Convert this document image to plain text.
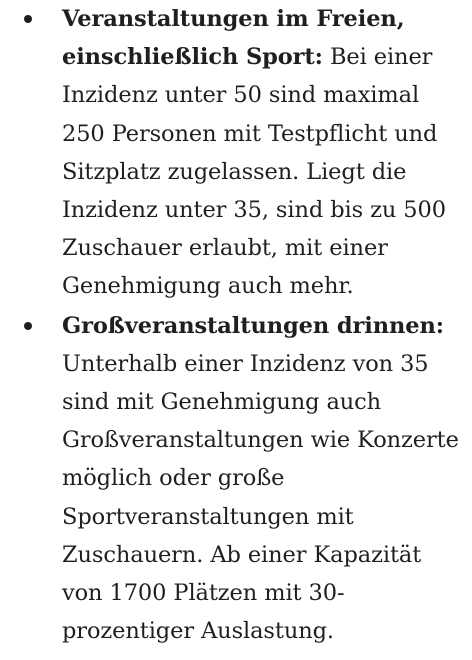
Veranstaltungen im Freien, einschließlich Sport: Bei einer Inzidenz unter 50 sind maximal 250 Personen mit Testpflicht und Sitzplatz zugelassen. Liegt die Inzidenz unter 35, sind bis zu 500 Zuschauer erlaubt, mit einer Genehmigung auch mehr.
Großveranstaltungen drinnen: Unterhalb einer Inzidenz von 35 sind mit Genehmigung auch Großveranstaltungen wie Konzerte möglich oder große Sportveranstaltungen mit Zuschauern. Ab einer Kapazität von 1700 Plätzen mit 30-prozentiger Auslastung.
